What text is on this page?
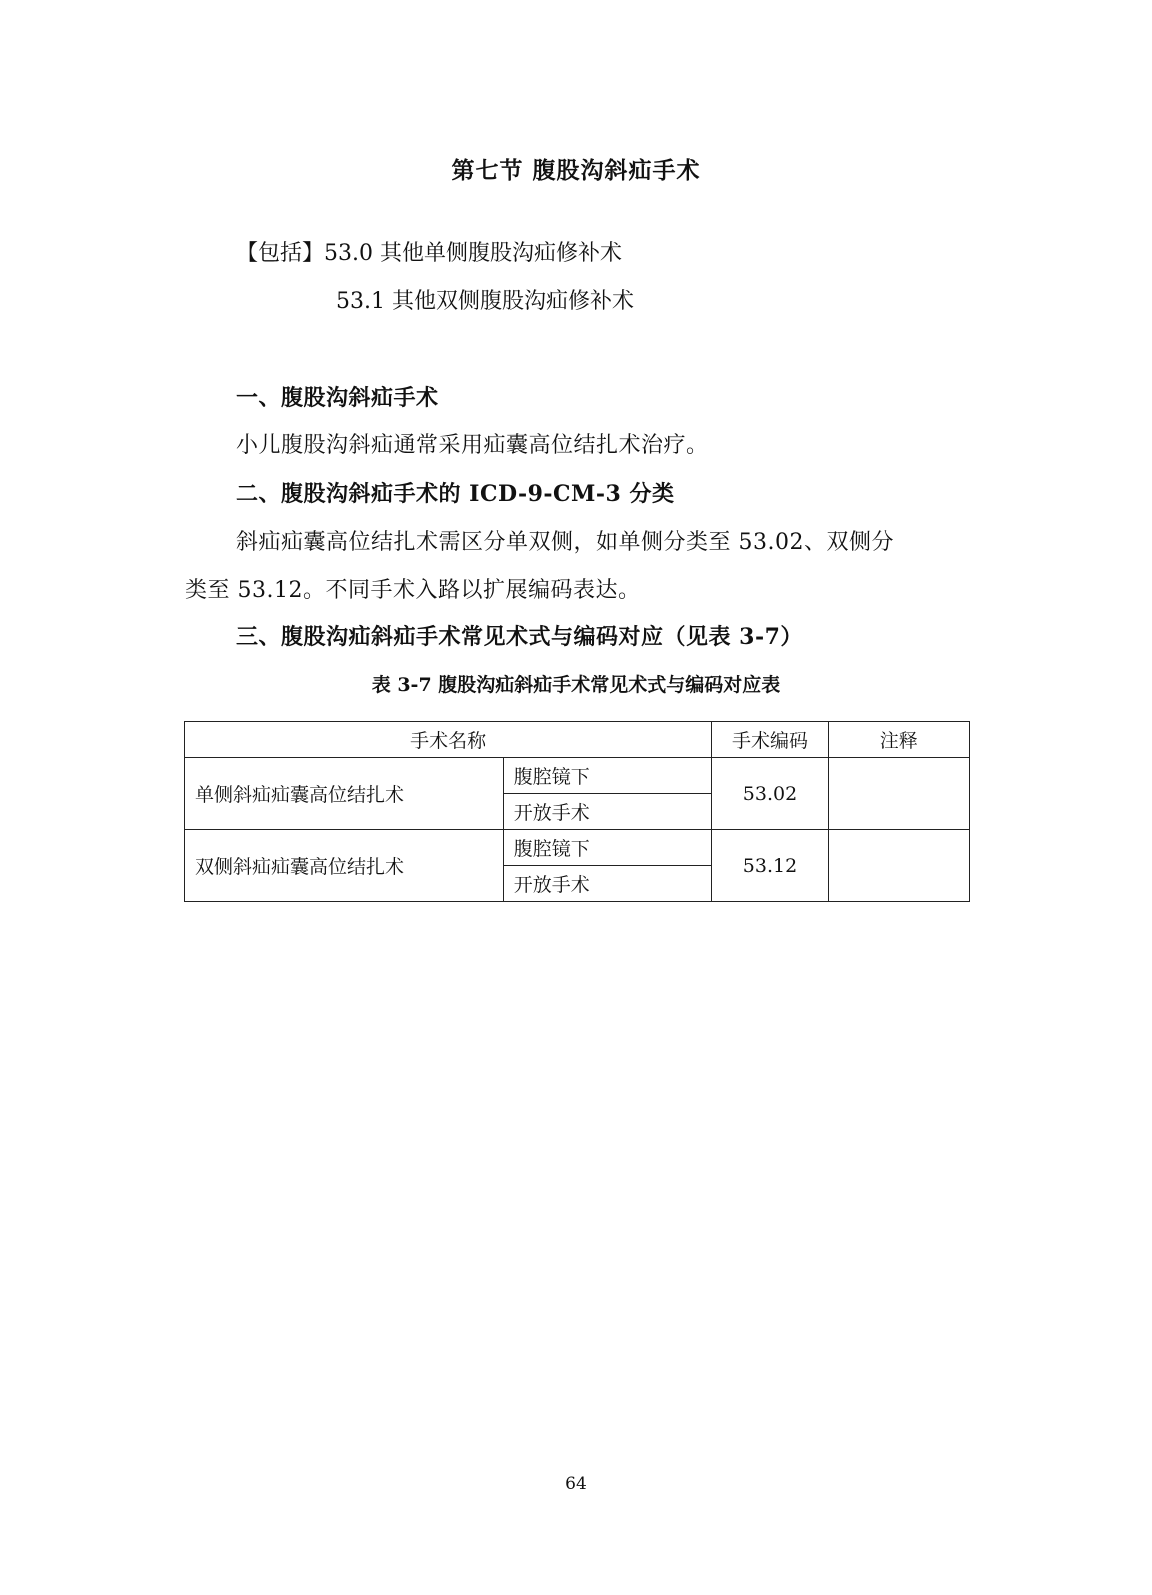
第七节 腹股沟斜疝手术
【包括】53.0 其他单侧腹股沟疝修补术
53.1 其他双侧腹股沟疝修补术
一、腹股沟斜疝手术
小儿腹股沟斜疝通常采用疝囊高位结扎术治疗。
二、腹股沟斜疝手术的 ICD-9-CM-3 分类
斜疝疝囊高位结扎术需区分单双侧，如单侧分类至 53.02、双侧分
类至 53.12。不同手术入路以扩展编码表达。
三、腹股沟疝斜疝手术常见术式与编码对应（见表 3-7）
表 3-7 腹股沟疝斜疝手术常见术式与编码对应表
手术名称		手术编码	注释
单侧斜疝疝囊高位结扎术	腹腔镜下	53.02	
	开放手术		
双侧斜疝疝囊高位结扎术	腹腔镜下	53.12	
	开放手术		
64
